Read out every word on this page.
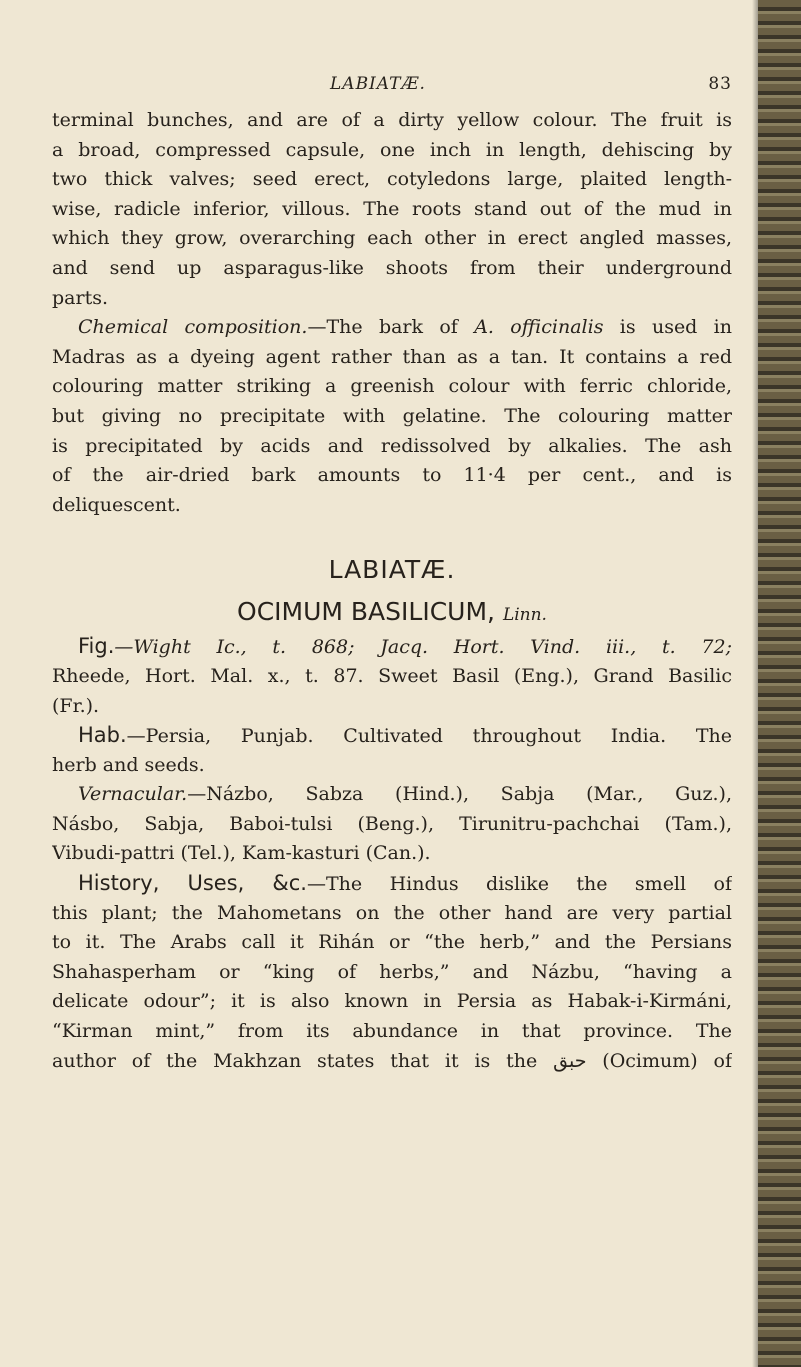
LABIATÆ.	83
terminal bunches, and are of a dirty yellow colour. The fruit is
a broad, compressed capsule, one inch in length, dehiscing by
two thick valves; seed erect, cotyledons large, plaited length-
wise, radicle inferior, villous. The roots stand out of the mud in
which they grow, overarching each other in erect angled masses,
and send up asparagus-like shoots from their underground
parts.
Chemical composition.—The bark of A. officinalis is used in
Madras as a dyeing agent rather than as a tan. It contains a red
colouring matter striking a greenish colour with ferric chloride,
but giving no precipitate with gelatine. The colouring matter
is precipitated by acids and redissolved by alkalies. The ash
of the air-dried bark amounts to 11·4 per cent., and is
deliquescent.
LABIATÆ.
OCIMUM BASILICUM, Linn.
Fig.—Wight Ic., t. 868; Jacq. Hort. Vind. iii., t. 72;
Rheede, Hort. Mal. x., t. 87. Sweet Basil (Eng.), Grand Basilic
(Fr.).
Hab.—Persia, Punjab. Cultivated throughout India. The
herb and seeds.
Vernacular.—Názbo, Sabza (Hind.), Sabja (Mar., Guz.),
Násbo, Sabja, Baboi-tulsi (Beng.), Tirunitru-pachchai (Tam.),
Vibudi-pattri (Tel.), Kam-kasturi (Can.).
History, Uses, &c.—The Hindus dislike the smell of
this plant; the Mahometans on the other hand are very partial
to it. The Arabs call it Rihán or “the herb,” and the Persians
Shahasperham or “king of herbs,” and Názbu, “having a
delicate odour”; it is also known in Persia as Habak-i-Kirmáni,
“Kirman mint,” from its abundance in that province. The
author of the Makhzan states that it is the ﺣﺒﻖ (Ocimum) of
